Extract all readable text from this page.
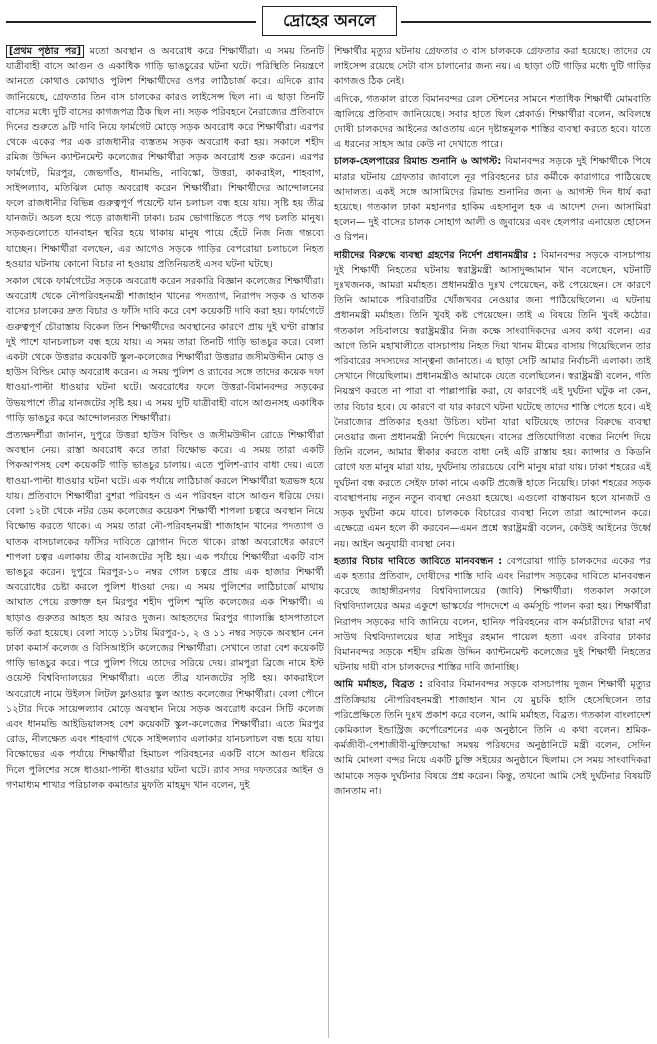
দ্রোহের অনলে

[প্রথম পৃষ্ঠার পর] মতো অবস্থান ও অবরোধ করে শিক্ষার্থীরা। এ সময় তিনটি যাত্রীবাহী বাসে আগুন ও একাধিক গাড়ি ভাঙচুরের ঘটনা ঘটে। পরিস্থিতি নিয়ন্ত্রণে আনতে কোথাও কোথাও পুলিশ শিক্ষার্থীদের ওপর লাঠিচার্জ করে। এদিকে র‍্যাব জানিয়েছে, গ্রেফতার তিন বাস চালকের কারও লাইসেন্স ছিল না। এ ছাড়া তিনটি বাসের মধ্যে দুটি বাসের কাগজপত্র ঠিক ছিল না। সড়ক পরিবহনে নৈরাজ্যের প্রতিবাদে দিনের শুরুতে ৯টি দাবি নিয়ে ফার্মগেট মোড়ে সড়ক অবরোধ করে শিক্ষার্থীরা। এরপর থেকে একের পর এক রাজধানীর ব্যস্ততম সড়ক অবরোধ করা হয়। সকালে শহীদ রমিজ উদ্দিন ক্যান্টনমেন্ট কলেজের শিক্ষার্থীরা সড়ক অবরোধ শুরু করেন। এরপর ফার্মগেট, মিরপুর, জেভগাঁও, ধানমন্ডি, নাবিস্কো, উত্তরা, কাকরাইল, শাহবাগ, সাইন্সল্যাব, মতিঝিল মোড় অবরোধ করেন শিক্ষার্থীরা। শিক্ষার্থীদের আন্দোলনের ফলে রাজধানীর বিভিন্ন গুরুত্বপূর্ণ পয়েন্টে যান চলাচল বন্ধ হয়ে যায়। সৃষ্টি হয় তীব্র যানজট। অচল হয়ে পড়ে রাজধানী ঢাকা। চরম ভোগান্তিতে পড়ে পথ চলতি মানুষ। সড়কগুলোতে যানবাহন স্থবির হয়ে থাকায় মানুষ পায়ে হেঁটে নিজ নিজ গন্তব্যে যাচ্ছেন। শিক্ষার্থীরা বলছেন, এর আগেও সড়কে গাড়ির বেপরোয়া চলাচলে নিহত হওয়ার ঘটনায় কোনো বিচার না হওয়ায় প্রতিনিয়তই এসব ঘটনা ঘটছে।

সকাল থেকে ফার্মগেটের সড়কে অবরোধ করেন সরকারি বিজ্ঞান কলেজের শিক্ষার্থীরা। অবরোধ থেকে নৌপরিবহনমন্ত্রী শাজাহান খানের পদত্যাগ, নিরাপদ সড়ক ও ঘাতক বাসের চালকের দ্রুত বিচার ও ফাঁসি দাবি করে বেশ কয়েকটি দাবি করা হয়। ফার্মগেটে গুরুত্বপূর্ণ চৌরাস্তায় বিকেল তিন শিক্ষার্থীদের অবস্থানের কারণে প্রায় দুই ঘণ্টা রাস্তার দুই পাশে যানচলাচল বন্ধ হয়ে যায়। এ সময় তারা তিনটি গাড়ি ভাঙচুর করে। বেলা একটা থেকে উত্তরার কয়েকটি স্কুল-কলেজের শিক্ষার্থীরা উত্তরার জসীমউদ্দীন মোড় ও হাউস বিল্ডিং মোড় অবরোধ করেন। এ সময় পুলিশ ও র‍্যাবের সঙ্গে তাদের কয়েক দফা ধাওয়া-পাল্টা ধাওয়ার ঘটনা ঘটে। অবরোধের ফলে উত্তরা-বিমানবন্দর সড়কের উভয়পাশে তীব্র যানজটের সৃষ্টি হয়। এ সময় দুটি যাত্রীবাহী বাসে আগুনসহ একাধিক গাড়ি ভাঙচুর করে আন্দোলনরত শিক্ষার্থীরা।

প্রত্যক্ষদর্শীরা জানান, দুপুরে উত্তরা হাউস বিল্ডিং ও জসীমউদ্দীন রোডে শিক্ষার্থীরা অবস্থান নেয়। রাস্তা অবরোধ করে তারা বিক্ষোভ করে। এ সময় তারা একটি পিকআপসহ বেশ কয়েকটি গাড়ি ভাঙচুর চালায়। এতে পুলিশ-র‍্যাব বাধা দেয়। এতে ধাওয়া-পাল্টা ধাওয়ার ঘটনা ঘটে। এক পর্যায়ে লাঠিচার্জ করলে শিক্ষার্থীরা ছত্রভঙ্গ হয়ে যায়। প্রতিবাদে শিক্ষার্থীরা বুশরা পরিবহন ও এন পরিবহন বাসে আগুন ধরিয়ে দেয়। বেলা ১২টা থেকে নটর ডেম কলেজের কয়েকশ শিক্ষার্থী শাপলা চত্বরে অবস্থান নিয়ে বিক্ষোভ করতে থাকে। এ সময় তারা নৌ-পরিবহনমন্ত্রী শাজাহান খানের পদত্যাগ ও ঘাতক বাসচালকের ফাঁসির দাবিতে স্লোগান দিতে থাকে। রাস্তা অবরোধের কারণে শাপলা চত্বর এলাকায় তীব্র যানজটের সৃষ্টি হয়। এক পর্যায়ে শিক্ষার্থীরা একটি বাস ভাঙচুর করেন। দুপুরে মিরপুর-১০ নম্বর গোল চত্বরে প্রায় এক হাজার শিক্ষার্থী অবরোধের চেষ্টা করলে পুলিশ ধাওয়া দেয়। এ সময় পুলিশের লাঠিচার্জে মাথায় আঘাত পেয়ে রক্তাক্ত হন মিরপুর শহীদ পুলিশ স্মৃতি কলেজের এক শিক্ষার্থী। এ ছাড়াও গুরুতর আহত হয় আরও দুজন। আহতদের মিরপুর গ্যালাক্সি হাসপাতালে ভর্তি করা হয়েছে। বেলা সাড়ে ১১টায় মিরপুর-১, ২ ও ১১ নম্বর সড়কে অবস্থান নেন ঢাকা কমার্স কলেজ ও বিসিআইসি কলেজের শিক্ষার্থীরা। সেখানে তারা বেশ কয়েকটি গাড়ি ভাঙচুর করে। পরে পুলিশ গিয়ে তাদের সরিয়ে দেয়। রামপুরা ব্রিজে নামে ইস্ট ওয়েস্ট বিশ্ববিদ্যালয়ের শিক্ষার্থীরা। এতে তীব্র যানজটের সৃষ্টি হয়। কাকরাইলে অবরোধে নামে উইলস লিটল ফ্লাওয়ার স্কুল অ্যান্ড কলেজের শিক্ষার্থীরা। বেলা পৌনে ১২টার দিকে সায়েন্সল্যাব মোড়ে অবস্থান নিয়ে সড়ক অবরোধ করেন সিটি কলেজ এবং ধানমন্ডি আইডিয়ালসহ বেশ কয়েকটি স্কুল-কলেজের শিক্ষার্থীরা। এতে মিরপুর রোড, নীলক্ষেত এবং শাহবাগ থেকে সাইন্সল্যাব এলাকার যানচলাচল বন্ধ হয়ে যায়। বিক্ষোভের এক পর্যায়ে শিক্ষার্থীরা হিমাচল পরিবহনের একটি বাসে আগুন ধরিয়ে দিলে পুলিশের সঙ্গে ধাওয়া-পাল্টা ধাওয়ার ঘটনা ঘটে। র‍্যাব সদর দফতরের আইন ও গণমাধ্যম শাখার পরিচালক কমান্ডার মুফতি মাহমুদ খান বলেন, দুই

শিক্ষার্থীর মৃত্যুর ঘটনায় গ্রেফতার ৩ বাস চালককে গ্রেফতার করা হয়েছে। তাদের যে লাইসেন্স রয়েছে সেটা বাস চালানোর জন্য নয়। এ ছাড়া ৩টি গাড়ির মধ্যে দুটি গাড়ির কাগজও ঠিক নেই।

এদিকে, গতকাল রাতে বিমানবন্দর রেল স্টেশনের সামনে শতাধিক শিক্ষার্থী মোমবাতি জ্বালিয়ে প্রতিবাদ জানিয়েছে। সবার হাতে ছিল প্লেকার্ড। শিক্ষার্থীরা বলেন, অবিলম্বে দোষী চালকদের আইনের আওতায় এনে দৃষ্টান্তমূলক শাস্তির ব্যবস্থা করতে হবে। যাতে এ ধরনের সাহস আর কেউ না দেখাতে পারে।

চালক-হেলপারের রিমান্ড শুনানি ৬ আগস্ট: বিমানবন্দর সড়কে দুই শিক্ষার্থীকে পিষে মারার ঘটনায় গ্রেফতার জাবালে নূর পরিবহনের চার কর্মীকে কারাগারে পাঠিয়েছে আদালত। একই সঙ্গে আসামিদের রিমান্ড শুনানির জন্য ৬ আগস্ট দিন ধার্য করা হয়েছে। গতকাল ঢাকা মহানগর হাকিম এহসানুল হক এ আদেশ দেন। আসামিরা হলেন— দুই বাসের চালক সোহাগ আলী ও জুবায়ের এবং হেলপার এনায়েত হোসেন ও রিপন।

দায়ীদের বিরুদ্ধে ব্যবস্থা গ্রহণের নির্দেশ প্রধানমন্ত্রীর : বিমানবন্দর সড়কে বাসচাপায় দুই শিক্ষার্থী নিহতের ঘটনায় স্বরাষ্ট্রমন্ত্রী আসাদুজ্জামান খান বলেছেন, ঘটনাটি দুঃখজনক, আমরা মর্মাহত। প্রধানমন্ত্রীও দুঃখ পেয়েছেন, কষ্ট পেয়েছেন। সে কারণে তিনি আমাকে পরিবারটির খোঁজখবর নেওয়ার জন্য পাঠিয়েছিলেন। এ ঘটনায় প্রধানমন্ত্রী মর্মাহত। তিনি খুবই কষ্ট পেয়েছেন। তাই এ বিষয়ে তিনি খুবই কঠোর। গতকাল সচিবালয়ে স্বরাষ্ট্রমন্ত্রীর নিজ কক্ষে সাংবাদিকদের এসব কথা বলেন। এর আগে তিনি মহাখালীতে বাসচাপায় নিহত দিয়া খানম মীমের বাসায় গিয়েছিলেন তার পরিবারের সদস্যদের সান্ত্বনা জানাতে। এ ছাড়া সেটি আমার নির্বাচনী এলাকা। তাই সেখানে গিয়েছিলাম। প্রধানমন্ত্রীও আমাকে যেতে বলেছিলেন। স্বরাষ্ট্রমন্ত্রী বলেন, গতি নিয়ন্ত্রণ করতে না পারা বা পাল্লাপাল্লি করা, যে কারণেই এই দুর্ঘটনা ঘটুক না কেন, তার বিচার হবে। যে কারণে বা যার কারণে ঘটনা ঘটেছে তাদের শাস্তি পেতে হবে। এই নৈরাজ্যের প্রতিকার হওয়া উচিত। ঘটনা যারা ঘটিয়েছে তাদের বিরুদ্ধে ব্যবস্থা নেওয়ার জন্য প্রধানমন্ত্রী নির্দেশ দিয়েছেন। বাসের প্রতিযোগিতা বন্ধের নির্দেশ দিয়ে তিনি বলেন, আমার স্বীকার করতে বাধা নেই এটি রাস্তায় হয়। ক্যান্সার ও কিডনি রোগে যত মানুষ মারা যায়, দুর্ঘটনায় তারচেয়ে বেশি মানুষ মারা যায়। ঢাকা শহরের এই দুর্ঘটনা বন্ধ করতে সেইফ ঢাকা নামে একটি প্রজেক্ট হাতে নিয়েছি। ঢাকা শহরের সড়ক ব্যবস্থাপনায় নতুন নতুন ব্যবস্থা নেওয়া হয়েছে। এগুলো বাস্তবায়ন হলে যানজট ও সড়ক দুর্ঘটনা কমে যাবে। চালককে বিচারের ব্যবস্থা নিলে তারা আন্দোলন করে। এক্ষেত্রে এমন হলে কী করবেন—এমন প্রশ্নে স্বরাষ্ট্রমন্ত্রী বলেন, কেউই আইনের উর্ধ্বে নয়। আইন অনুযায়ী ব্যবস্থা নেব।

হত্যার বিচার দাবিতে জাবিতে মানববন্ধন : বেপরোয়া গাড়ি চালকদের একের পর এক হত্যার প্রতিবাদ, দোষীদের শাস্তি দাবি এবং নিরাপদ সড়কের দাবিতে মানববন্ধন করেছে জাহাঙ্গীরনগর বিশ্ববিদ্যালয়ের (জাবি) শিক্ষার্থীরা। গতকাল সকালে বিশ্ববিদ্যালয়ের অমর একুশে ভাস্কর্যের পাদদেশে এ কর্মসূচি পালন করা হয়। শিক্ষার্থীরা নিরাপদ সড়কের দাবি জানিয়ে বলেন, হানিফ পরিবহনের বাস কর্মচারীদের দ্বারা নর্থ সাউথ বিশ্ববিদ্যালয়ের ছাত্র সাইদুর রহমান পায়েল হত্যা এবং রবিবার ঢাকার বিমানবন্দর সড়কে শহীদ রমিজ উদ্দিন ক্যান্টনমেন্ট কলেজের দুই শিক্ষার্থী নিহতের ঘটনায় দায়ী বাস চালকদের শাস্তির দাবি জানাচ্ছি।

আমি মর্মাহত, বিব্রত : রবিবার বিমানবন্দর সড়কে বাসচাপায় দুজন শিক্ষার্থী মৃত্যুর প্রতিক্রিয়ায় নৌপরিবহনমন্ত্রী শাজাহান খান যে মুচকি হাসি হেসেছিলেন তার পরিপ্রেক্ষিতে তিনি দুঃখ প্রকাশ করে বলেন, আমি মর্মাহত, বিব্রত। গতকাল বাংলাদেশ কেমিক্যাল ইন্ডাস্ট্রিজ কর্পোরেশনের এক অনুষ্ঠানে তিনি এ কথা বলেন। শ্রমিক-কর্মজীবী-পেশাজীবী-মুক্তিযোদ্ধা সমন্বয় পরিষদের অনুষ্ঠানিটে মন্ত্রী বলেন, সেদিন আমি মোংলা বন্দর নিয়ে একটি চুক্তি সইয়ের অনুষ্ঠানে ছিলাম। সে সময় সাংবাদিকরা আমাকে সড়ক দুর্ঘটনার বিষয়ে প্রশ্ন করেন। কিন্তু, তখনো আমি সেই দুর্ঘটনার বিষয়টি জানতাম না।
